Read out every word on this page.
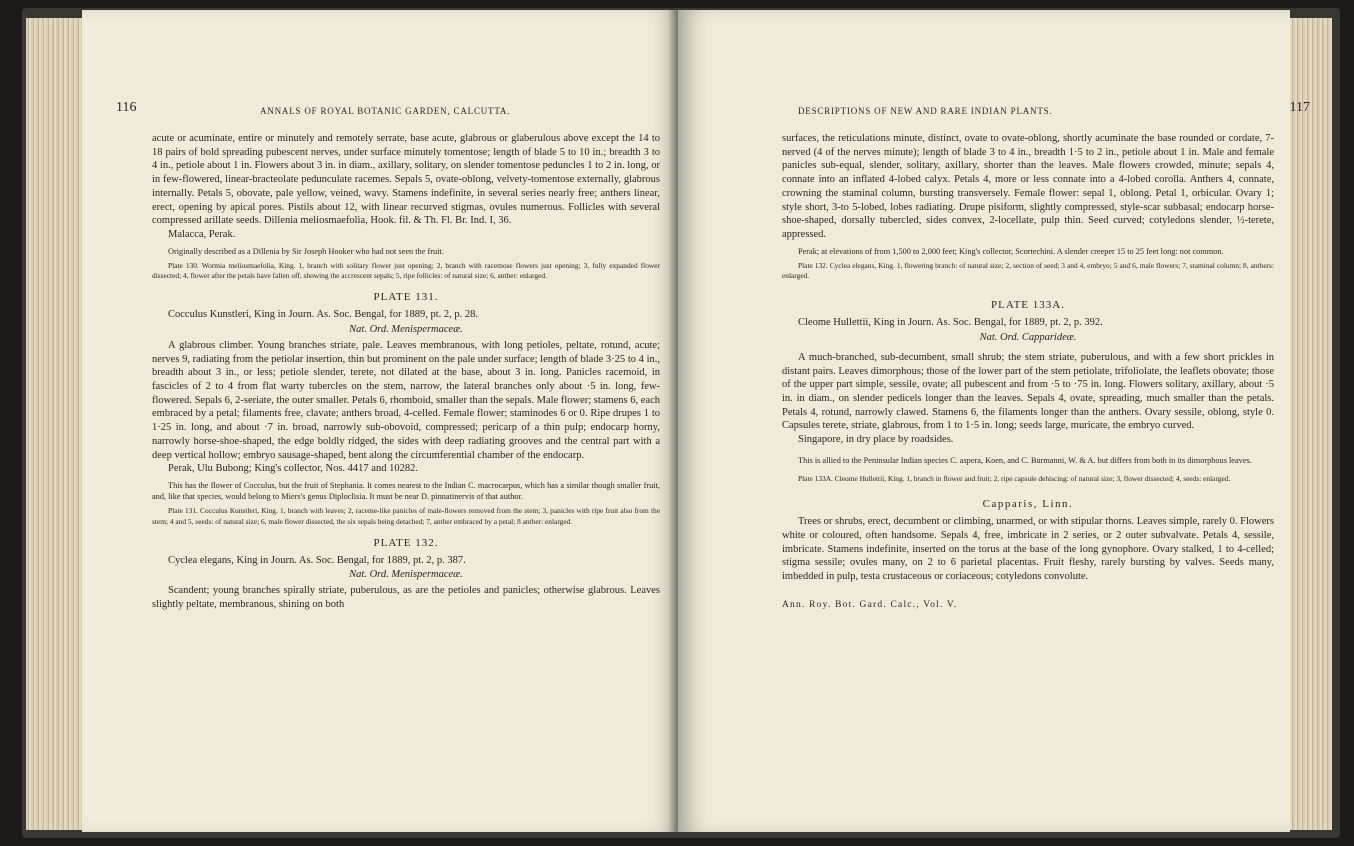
116	ANNALS OF ROYAL BOTANIC GARDEN, CALCUTTA.

acute or acuminate, entire or minutely and remotely serrate, base acute, glabrous or glaberulous above except the 14 to 18 pairs of bold spreading pubescent nerves, under surface minutely tomentose; length of blade 5 to 10 in.; breadth 3 to 4 in., petiole about 1 in. Flowers about 3 in. in diam., axillary, solitary, on slender tomentose peduncles 1 to 2 in. long, or in few-flowered, linear-bracteolate pedunculate racemes. Sepals 5, ovate-oblong, velvety-tomentose externally, glabrous internally. Petals 5, obovate, pale yellow, veined, wavy. Stamens indefinite, in several series nearly free; anthers linear, erect, opening by apical pores. Pistils about 12, with linear recurved stigmas, ovules numerous. Follicles with several compressed arillate seeds. Dillenia meliosmaefolia, Hook. fil. & Th. Fl. Br. Ind. I, 36.

Malacca, Perak.

Originally described as a Dillenia by Sir Joseph Hooker who had not seen the fruit.

Plate 130. Wormia meliosmaefolia, King. 1, branch with solitary flower just opening; 2, branch with racemose flowers just opening; 3, fully expanded flower dissected; 4, flower after the petals have fallen off, showing the accrescent sepals; 5, ripe follicles: of natural size; 6, anther: enlarged.

PLATE 131.

Cocculus Kunstleri, King in Journ. As. Soc. Bengal, for 1889, pt. 2, p. 28.

Nat. Ord. Menispermaceæ.

A glabrous climber. Young branches striate, pale. Leaves membranous, with long petioles, peltate, rotund, acute; nerves 9, radiating from the petiolar insertion, thin but prominent on the pale under surface; length of blade 3·25 to 4 in., breadth about 3 in., or less; petiole slender, terete, not dilated at the base, about 3 in. long. Panicles racemoid, in fascicles of 2 to 4 from flat warty tubercles on the stem, narrow, the lateral branches only about ·5 in. long, few-flowered. Sepals 6, 2-seriate, the outer smaller. Petals 6, rhomboid, smaller than the sepals. Male flower; stamens 6, each embraced by a petal; filaments free, clavate; anthers broad, 4-celled. Female flower; staminodes 6 or 0. Ripe drupes 1 to 1·25 in. long, and about ·7 in. broad, narrowly sub-obovoid, compressed; pericarp of a thin pulp; endocarp horny, narrowly horse-shoe-shaped, the edge boldly ridged, the sides with deep radiating grooves and the central part with a deep vertical hollow; embryo sausage-shaped, bent along the circumferential chamber of the endocarp.

Perak, Ulu Bubong; King's collector, Nos. 4417 and 10282.

This has the flower of Cocculus, but the fruit of Stephania. It comes nearest to the Indian C. macrocarpus, which has a similar though smaller fruit, and, like that species, would belong to Miers's genus Diploclisia. It must be near D. pinnatinervis of that author.

Plate 131. Cocculus Kunstleri, King. 1, branch with leaves; 2, raceme-like panicles of male-flowers removed from the stem; 3, panicles with ripe fruit also from the stem; 4 and 5, seeds: of natural size; 6, male flower dissected, the six sepals being detached; 7, anther embraced by a petal; 8 anther: enlarged.

PLATE 132.

Cyclea elegans, King in Journ. As. Soc. Bengal, for 1889, pt. 2, p. 387.

Nat. Ord. Menispermaceæ.

Scandent; young branches spirally striate, puberulous, as are the petioles and panicles; otherwise glabrous. Leaves slightly peltate, membranous, shining on both

DESCRIPTIONS OF NEW AND RARE INDIAN PLANTS.	117

surfaces, the reticulations minute, distinct, ovate to ovate-oblong, shortly acuminate the base rounded or cordate, 7-nerved (4 of the nerves minute); length of blade 3 to 4 in., breadth 1·5 to 2 in., petiole about 1 in. Male and female panicles sub-equal, slender, solitary, axillary, shorter than the leaves. Male flowers crowded, minute; sepals 4, connate into an inflated 4-lobed calyx. Petals 4, more or less connate into a 4-lobed corolla. Anthers 4, connate, crowning the staminal column, bursting transversely. Female flower: sepal 1, oblong. Petal 1, orbicular. Ovary 1; style short, 3-to 5-lobed, lobes radiating. Drupe pisiform, slightly compressed, style-scar subbasal; endocarp horse-shoe-shaped, dorsally tubercled, sides convex, 2-locellate, pulp thin. Seed curved; cotyledons slender, ½-terete, appressed.

Perak; at elevations of from 1,500 to 2,000 feet; King's collector, Scortechini. A slender creeper 15 to 25 feet long: not common.

Plate 132. Cyclea elegans, King. 1, flowering branch: of natural size; 2, section of seed; 3 and 4, embryo; 5 and 6, male flowers; 7, staminal column; 8, anthers: enlarged.

PLATE 133A.

Cleome Hullettii, King in Journ. As. Soc. Bengal, for 1889, pt. 2, p. 392.

Nat. Ord. Capparideæ.

A much-branched, sub-decumbent, small shrub; the stem striate, puberulous, and with a few short prickles in distant pairs. Leaves dimorphous; those of the lower part of the stem petiolate, trifoliolate, the leaflets obovate; those of the upper part simple, sessile, ovate; all pubescent and from ·5 to ·75 in. long. Flowers solitary, axillary, about ·5 in. in diam., on slender pedicels longer than the leaves. Sepals 4, ovate, spreading, much smaller than the petals. Petals 4, rotund, narrowly clawed. Stamens 6, the filaments longer than the anthers. Ovary sessile, oblong, style 0. Capsules terete, striate, glabrous, from 1 to 1·5 in. long; seeds large, muricate, the embryo curved.

Singapore, in dry place by roadsides.

This is allied to the Peninsular Indian species C. aspera, Koen, and C. Burmanni, W. & A. but differs from both in its dimorphous leaves.

Plate 133A. Cleome Hullettii, King. 1, branch in flower and fruit; 2, ripe capsule dehiscing: of natural size; 3, flower dissected; 4, seeds: enlarged.

Capparis, Linn.

Trees or shrubs, erect, decumbent or climbing, unarmed, or with stipular thorns. Leaves simple, rarely 0. Flowers white or coloured, often handsome. Sepals 4, free, imbricate in 2 series, or 2 outer subvalvate. Petals 4, sessile, imbricate. Stamens indefinite, inserted on the torus at the base of the long gynophore. Ovary stalked, 1 to 4-celled; stigma sessile; ovules many, on 2 to 6 parietal placentas. Fruit fleshy, rarely bursting by valves. Seeds many, imbedded in pulp, testa crustaceous or coriaceous; cotyledons convolute.

Ann. Roy. Bot. Gard. Calc., Vol. V.
